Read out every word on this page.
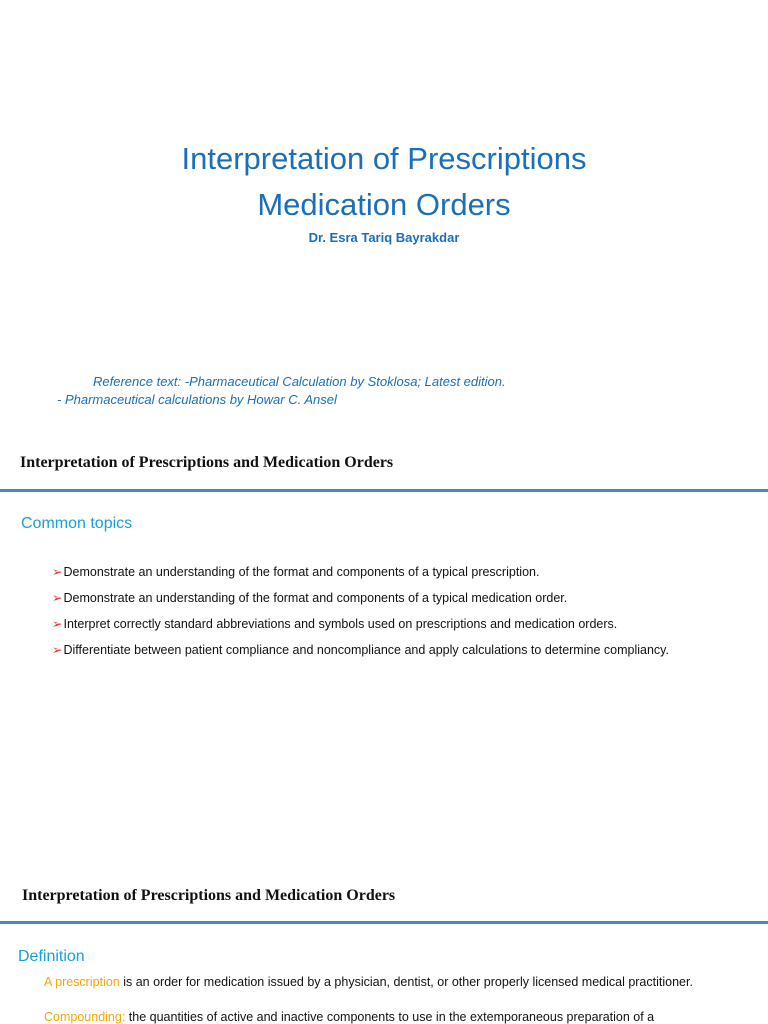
Interpretation of Prescriptions
Medication Orders
Dr. Esra Tariq Bayrakdar
Reference text: -Pharmaceutical Calculation by Stoklosa; Latest edition.
- Pharmaceutical calculations by Howar C. Ansel
Interpretation of Prescriptions and Medication Orders
Common topics
➢Demonstrate an understanding of the format and components of a typical prescription.
➢Demonstrate an understanding of the format and components of a typical medication order.
➢Interpret correctly standard abbreviations and symbols used on prescriptions and medication orders.
➢Differentiate between patient compliance and noncompliance and apply calculations to determine compliancy.
Interpretation of Prescriptions and Medication Orders
Definition
A prescription is an order for medication issued by a physician, dentist, or other properly licensed medical practitioner.
Compounding: the quantities of active and inactive components to use in the extemporaneous preparation of a
